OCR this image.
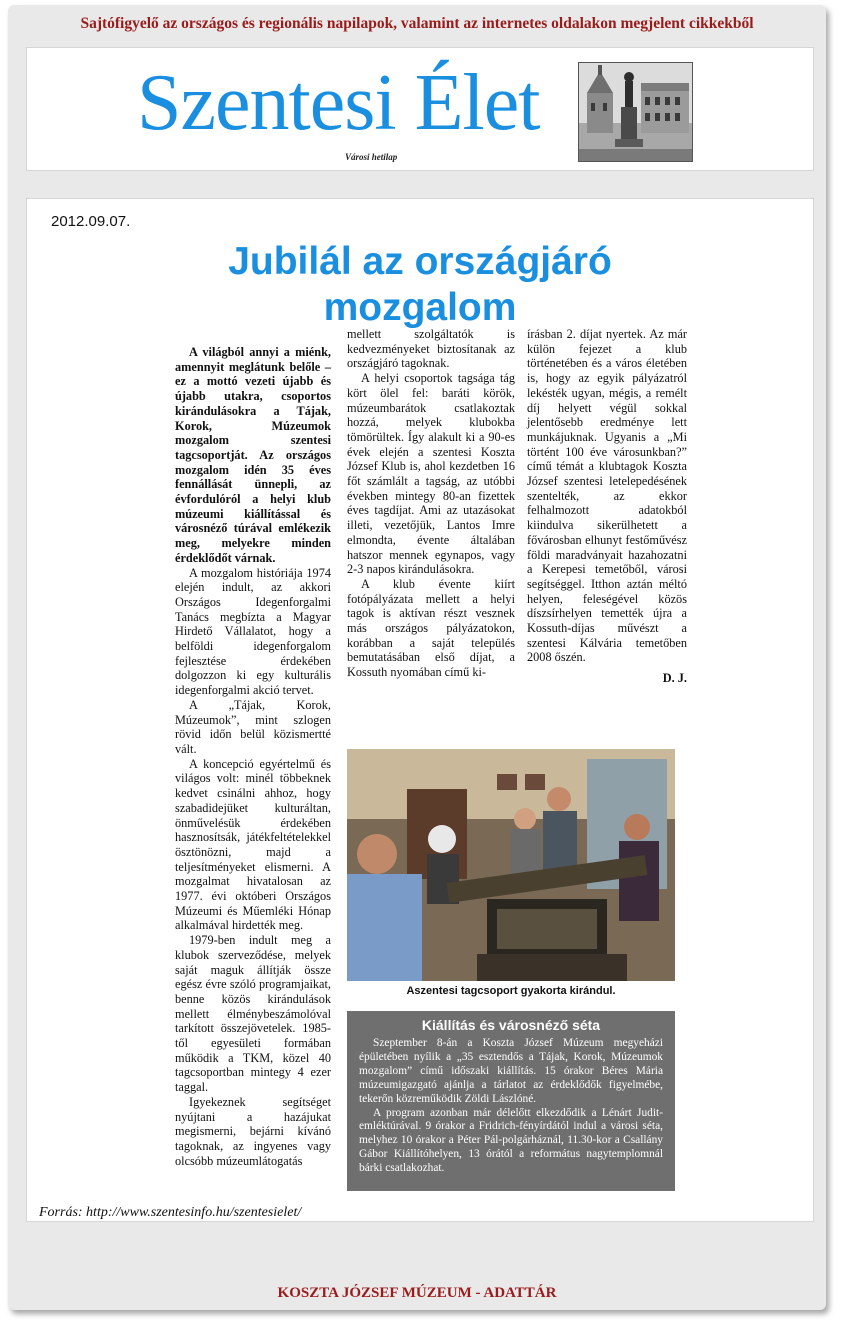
Sajtófigyelő az országos és regionális napilapok, valamint az internetes oldalakon megjelent cikkekből
Szentesi Élet
Városi hetilap
2012.09.07.
Jubilál az országjáró mozgalom

A világból annyi a miénk, amennyit meglátunk belőle – ez a mottó vezeti újabb és újabb utakra, csoportos kirándulásokra a Tájak, Korok, Múzeumok mozgalom szentesi tagcsoportját. Az országos mozgalom idén 35 éves fennállását ünnepli, az évfordulóról a helyi klub múzeumi kiállítással és városnéző túrával emlékezik meg, melyekre minden érdeklődőt várnak.

A mozgalom históriája 1974 elején indult, az akkori Országos Idegenforgalmi Tanács megbízta a Magyar Hirdető Vállalatot, hogy a belföldi idegenforgalom fejlesztése érdekében dolgozzon ki egy kulturális idegenforgalmi akció tervet.

A „Tájak, Korok, Múzeumok”, mint szlogen rövid időn belül közismertté vált.

A koncepció egyértelmű és világos volt: minél többeknek kedvet csinálni ahhoz, hogy szabadidejüket kulturáltan, önművelésük érdekében hasznosítsák, játékfeltételekkel ösztönözni, majd a teljesítményeket elismerni. A mozgalmat hivatalosan az 1977. évi októberi Országos Múzeumi és Műemléki Hónap alkalmával hirdették meg.

1979-ben indult meg a klubok szerveződése, melyek saját maguk állítják össze egész évre szóló programjaikat, benne közös kirándulások mellett élménybeszámolóval tarkított összejövetelek. 1985-től egyesületi formában működik a TKM, közel 40 tagcsoportban mintegy 4 ezer taggal.

Igyekeznek segítséget nyújtani a hazájukat megismerni, bejárni kívánó tagoknak, az ingyenes vagy olcsóbb múzeumlátogatás

mellett szolgáltatók is kedvezményeket biztosítanak az országjáró tagoknak.

A helyi csoportok tagsága tág kört ölel fel: baráti körök, múzeumbarátok csatlakoztak hozzá, melyek klubokba tömörültek. Így alakult ki a 90-es évek elején a szentesi Koszta József Klub is, ahol kezdetben 16 főt számlált a tagság, az utóbbi években mintegy 80-an fizettek éves tagdíjat. Ami az utazásokat illeti, vezetőjük, Lantos Imre elmondta, évente általában hatszor mennek egynapos, vagy 2-3 napos kirándulásokra.

A klub évente kiírt fotópályázata mellett a helyi tagok is aktívan részt vesznek más országos pályázatokon, korábban a saját település bemutatásában első díjat, a Kossuth nyomában című ki-

írásban 2. díjat nyertek. Az már külön fejezet a klub történetében és a város életében is, hogy az egyik pályázatról lekésték ugyan, mégis, a remélt díj helyett végül sokkal jelentősebb eredménye lett munkájuknak. Ugyanis a „Mi történt 100 éve városunkban?” című témát a klubtagok Koszta József szentesi letelepedésének szentelték, az ekkor felhalmozott adatokból kiindulva sikerülhetett a fővárosban elhunyt festőművész földi maradványait hazahozatni a Kerepesi temetőből, városi segítséggel. Itthon aztán méltó helyen, feleségével közös díszsírhelyen temették újra a Kossuth-díjas művészt a szentesi Kálvária temetőben 2008 őszén.

D. J.
Aszentesi tagcsoport gyakorta kirándul.
Kiállítás és városnéző séta

Szeptember 8-án a Koszta József Múzeum megyeházi épületében nyílik a „35 esztendős a Tájak, Korok, Múzeumok mozgalom” című időszaki kiállítás. 15 órakor Béres Mária múzeumigazgató ajánlja a tárlatot az érdeklődők figyelmébe, tekerőn közreműködik Zöldi Lászlóné.

A program azonban már délelőtt elkezdődik a Lénárt Judit-emléktúrával. 9 órakor a Fridrich-fényírdától indul a városi séta, melyhez 10 órakor a Péter Pál-polgárháznál, 11.30-kor a Csallány Gábor Kiállítóhelyen, 13 órától a református nagytemplomnál bárki csatlakozhat.

Forrás: http://www.szentesinfo.hu/szentesielet/
KOSZTA JÓZSEF MÚZEUM - ADATTÁR
